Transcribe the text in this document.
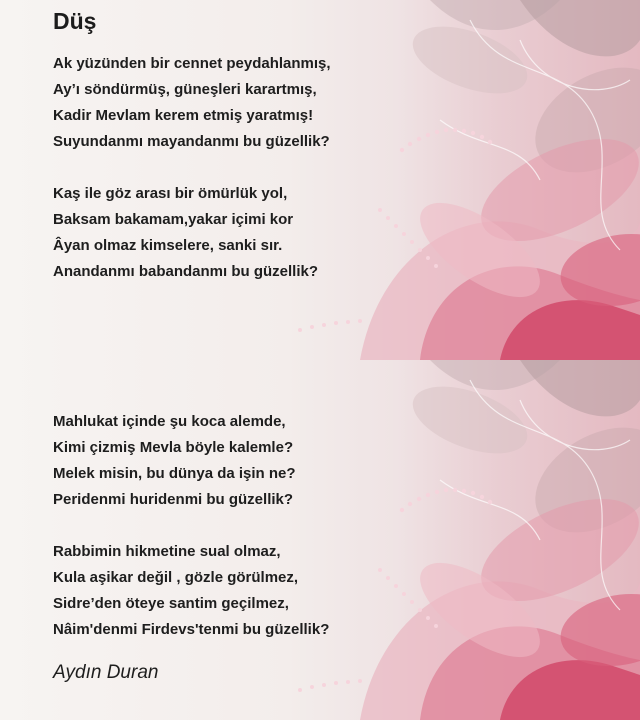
Düş
Ak yüzünden bir cennet peydahlanmış,
Ay’ı söndürmüş, güneşleri karartmış,
Kadir Mevlam kerem etmiş yaratmış!
Suyundanmı mayandanmı bu güzellik?
Kaş ile göz arası bir ömürlük yol,
Baksam bakamam,yakar içimi kor
Âyan olmaz kimselere, sanki sır.
Anandanmı babandanmı bu güzellik?
Mahlukat içinde şu koca alemde,
Kimi çizmiş Mevla böyle kalemle?
Melek misin, bu dünya da işin ne?
Peridenmi huridenmi bu güzellik?
Rabbimin hikmetine sual olmaz,
Kula aşikar değil , gözle görülmez,
Sidre’den öteye santim geçilmez,
Nâim'denmi Firdevs'tenmi bu güzellik?

Aydın Duran
